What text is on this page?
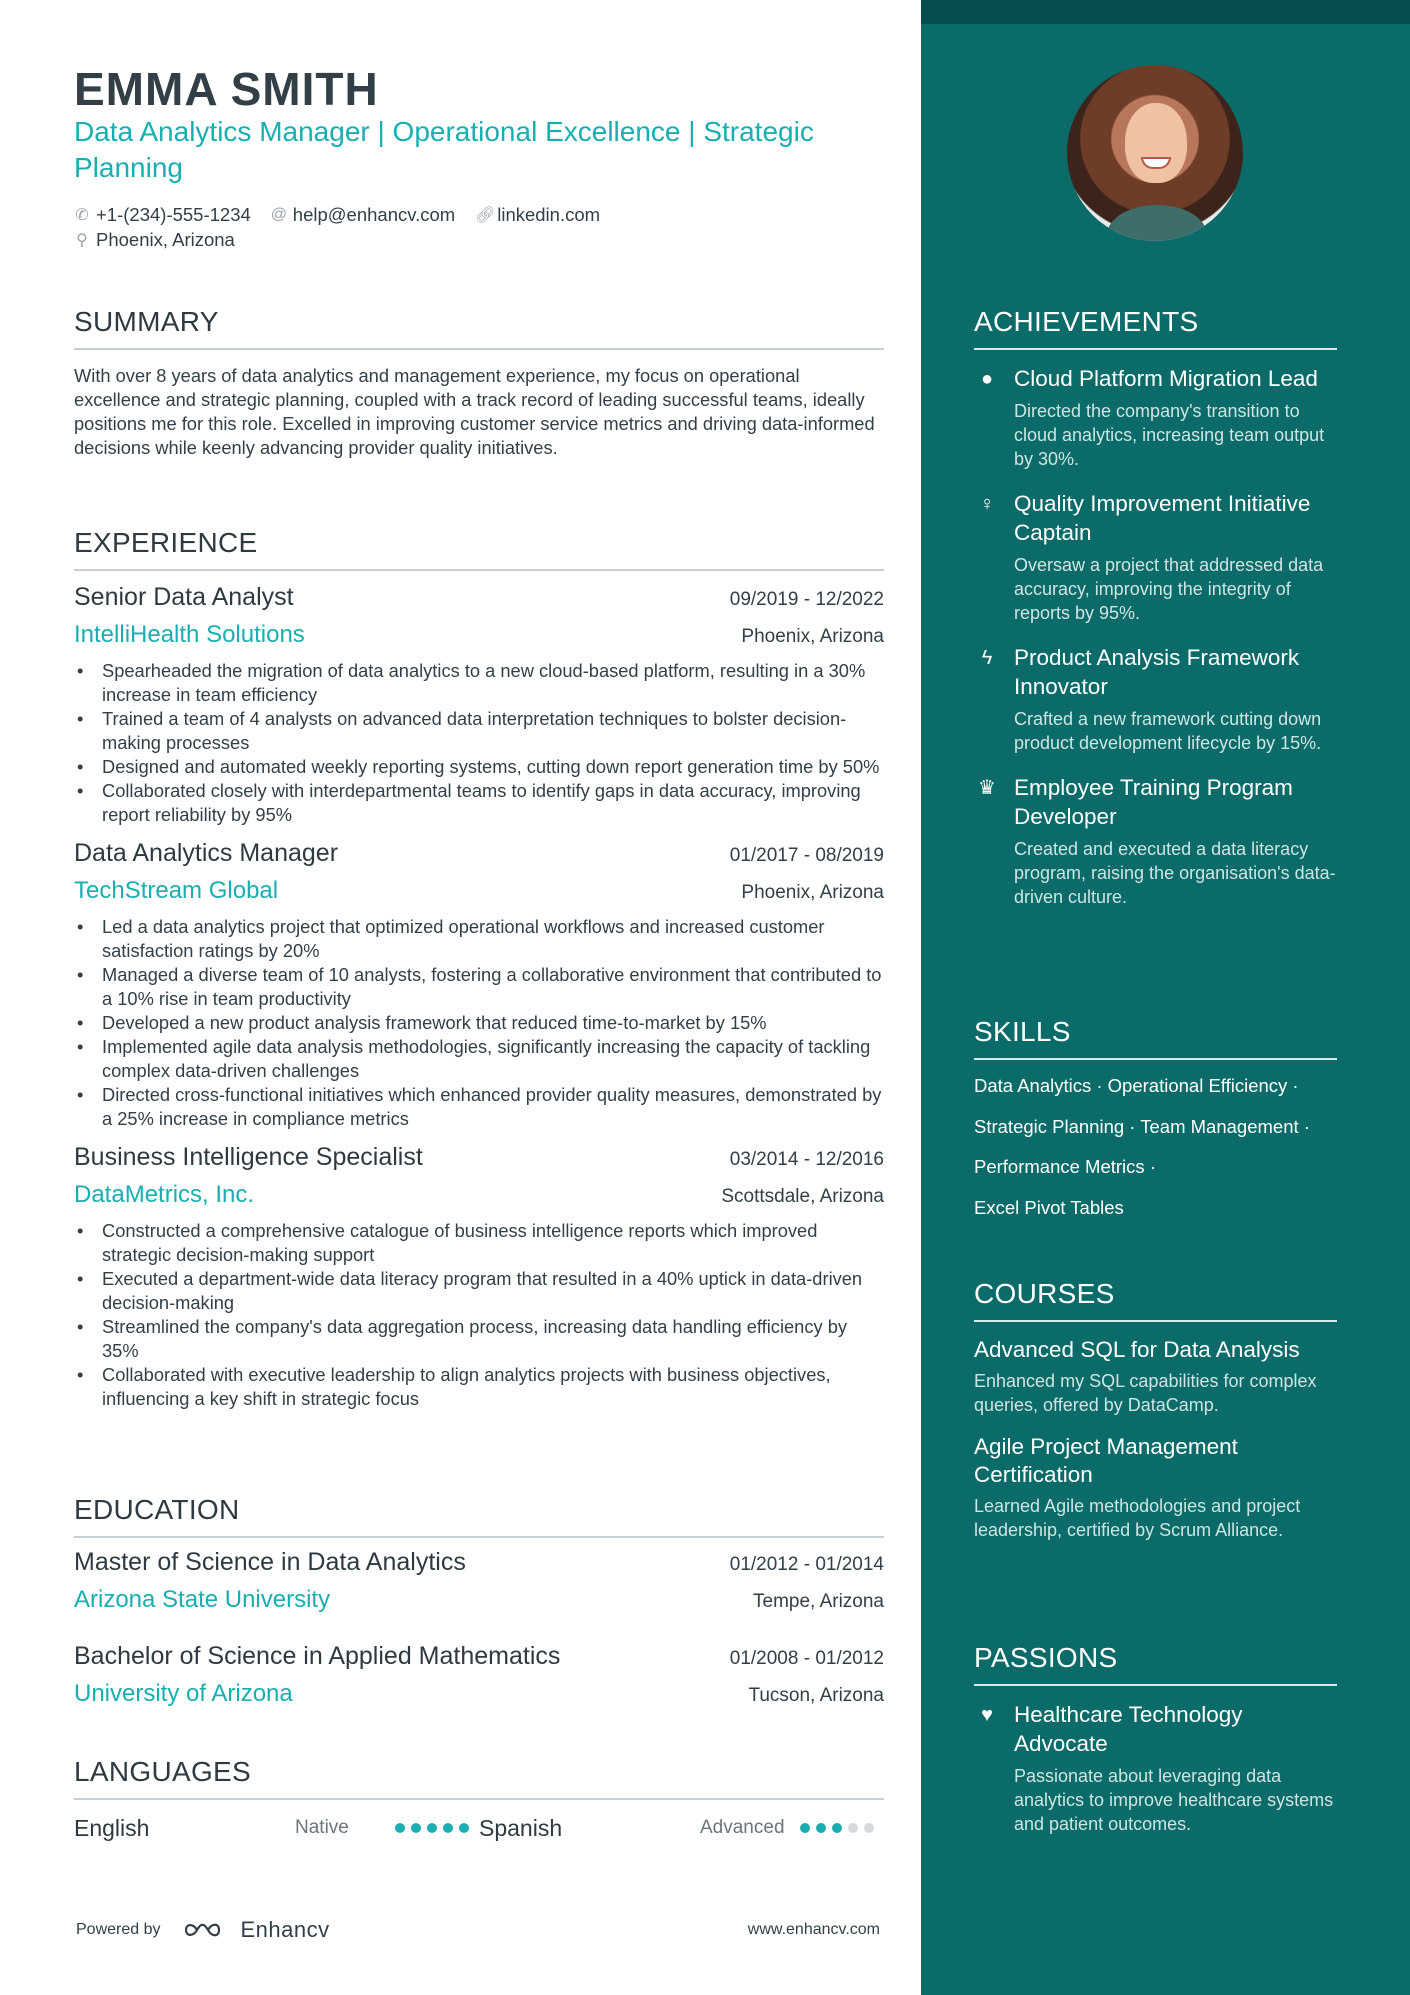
EMMA SMITH
Data Analytics Manager | Operational Excellence | Strategic Planning
✆ +1-(234)-555-1234 @ help@enhancv.com 🔗︎ linkedin.com
⚲ Phoenix, Arizona
SUMMARY
With over 8 years of data analytics and management experience, my focus on operational excellence and strategic planning, coupled with a track record of leading successful teams, ideally positions me for this role. Excelled in improving customer service metrics and driving data-informed decisions while keenly advancing provider quality initiatives.
EXPERIENCE
Senior Data Analyst	09/2019 - 12/2022
IntelliHealth Solutions	Phoenix, Arizona
• Spearheaded the migration of data analytics to a new cloud-based platform, resulting in a 30% increase in team efficiency
• Trained a team of 4 analysts on advanced data interpretation techniques to bolster decision-making processes
• Designed and automated weekly reporting systems, cutting down report generation time by 50%
• Collaborated closely with interdepartmental teams to identify gaps in data accuracy, improving report reliability by 95%
Data Analytics Manager	01/2017 - 08/2019
TechStream Global	Phoenix, Arizona
• Led a data analytics project that optimized operational workflows and increased customer satisfaction ratings by 20%
• Managed a diverse team of 10 analysts, fostering a collaborative environment that contributed to a 10% rise in team productivity
• Developed a new product analysis framework that reduced time-to-market by 15%
• Implemented agile data analysis methodologies, significantly increasing the capacity of tackling complex data-driven challenges
• Directed cross-functional initiatives which enhanced provider quality measures, demonstrated by a 25% increase in compliance metrics
Business Intelligence Specialist	03/2014 - 12/2016
DataMetrics, Inc.	Scottsdale, Arizona
• Constructed a comprehensive catalogue of business intelligence reports which improved strategic decision-making support
• Executed a department-wide data literacy program that resulted in a 40% uptick in data-driven decision-making
• Streamlined the company's data aggregation process, increasing data handling efficiency by 35%
• Collaborated with executive leadership to align analytics projects with business objectives, influencing a key shift in strategic focus
EDUCATION
Master of Science in Data Analytics	01/2012 - 01/2014
Arizona State University	Tempe, Arizona
Bachelor of Science in Applied Mathematics	01/2008 - 01/2012
University of Arizona	Tucson, Arizona
LANGUAGES
English	Native	Spanish	Advanced
Powered by	Enhancv	www.enhancv.com
ACHIEVEMENTS
● Cloud Platform Migration Lead
Directed the company's transition to cloud analytics, increasing team output by 30%.
♀ Quality Improvement Initiative Captain
Oversaw a project that addressed data accuracy, improving the integrity of reports by 95%.
ϟ Product Analysis Framework Innovator
Crafted a new framework cutting down product development lifecycle by 15%.
♛ Employee Training Program Developer
Created and executed a data literacy program, raising the organisation's data-driven culture.
SKILLS
Data Analytics · Operational Efficiency ·
Strategic Planning · Team Management ·
Performance Metrics ·
Excel Pivot Tables
COURSES
Advanced SQL for Data Analysis
Enhanced my SQL capabilities for complex queries, offered by DataCamp.
Agile Project Management Certification
Learned Agile methodologies and project leadership, certified by Scrum Alliance.
PASSIONS
♥ Healthcare Technology Advocate
Passionate about leveraging data analytics to improve healthcare systems and patient outcomes.
